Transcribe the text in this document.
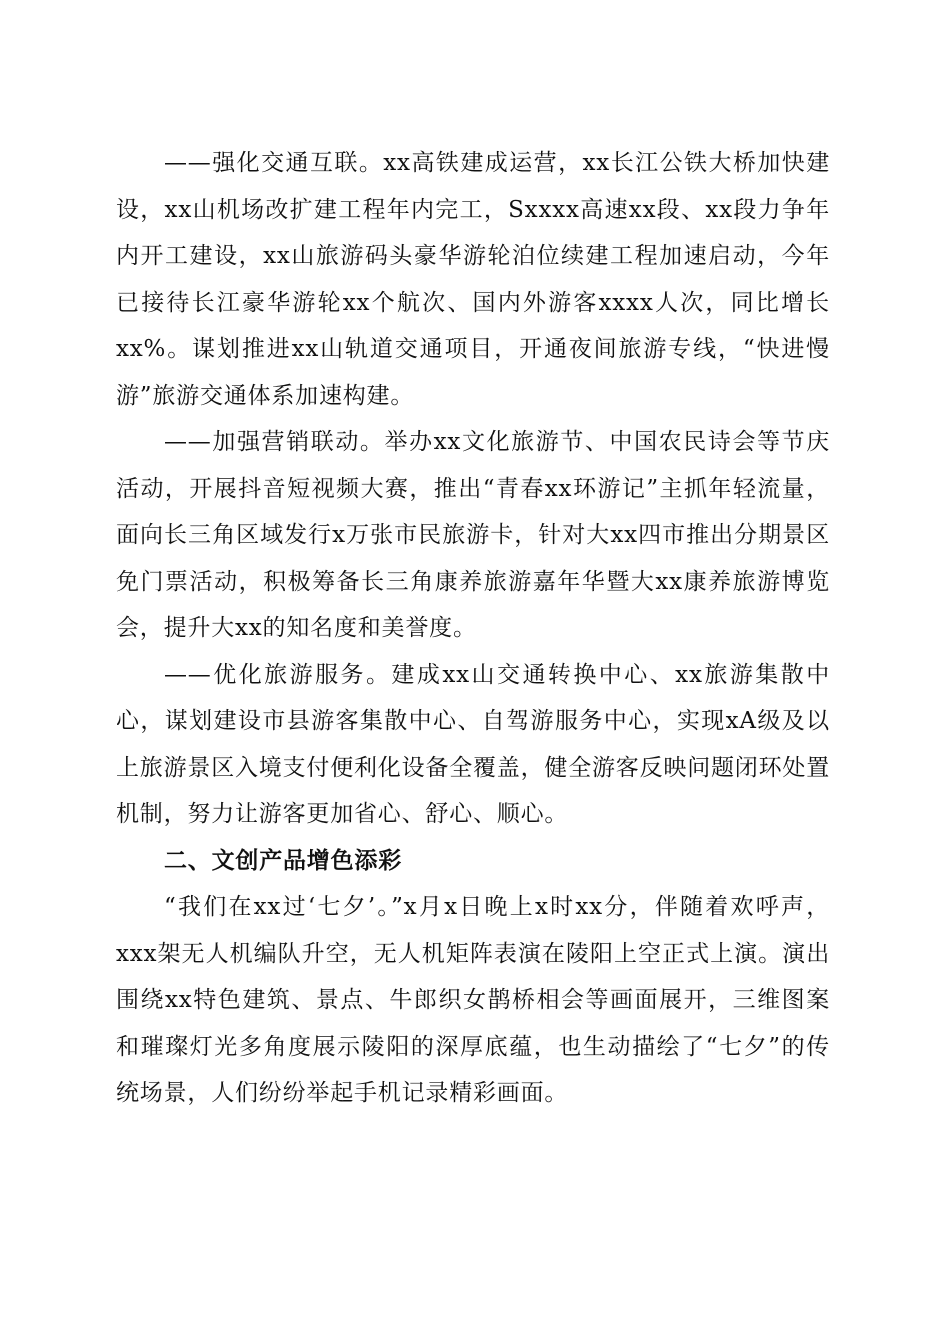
——强化交通互联。xx高铁建成运营，xx长江公铁大桥加快建设，xx山机场改扩建工程年内完工，Sxxxx高速xx段、xx段力争年内开工建设，xx山旅游码头豪华游轮泊位续建工程加速启动，今年已接待长江豪华游轮xx个航次、国内外游客xxxx人次，同比增长xx%。谋划推进xx山轨道交通项目，开通夜间旅游专线，“快进慢游”旅游交通体系加速构建。

——加强营销联动。举办xx文化旅游节、中国农民诗会等节庆活动，开展抖音短视频大赛，推出“青春xx环游记”主抓年轻流量，面向长三角区域发行x万张市民旅游卡，针对大xx四市推出分期景区免门票活动，积极筹备长三角康养旅游嘉年华暨大xx康养旅游博览会，提升大xx的知名度和美誉度。

——优化旅游服务。建成xx山交通转换中心、xx旅游集散中心，谋划建设市县游客集散中心、自驾游服务中心，实现xA级及以上旅游景区入境支付便利化设备全覆盖，健全游客反映问题闭环处置机制，努力让游客更加省心、舒心、顺心。

二、文创产品增色添彩

“我们在xx过‘七夕’。”x月x日晚上x时xx分，伴随着欢呼声，xxx架无人机编队升空，无人机矩阵表演在陵阳上空正式上演。演出围绕xx特色建筑、景点、牛郎织女鹊桥相会等画面展开，三维图案和璀璨灯光多角度展示陵阳的深厚底蕴，也生动描绘了“七夕”的传统场景，人们纷纷举起手机记录精彩画面。
